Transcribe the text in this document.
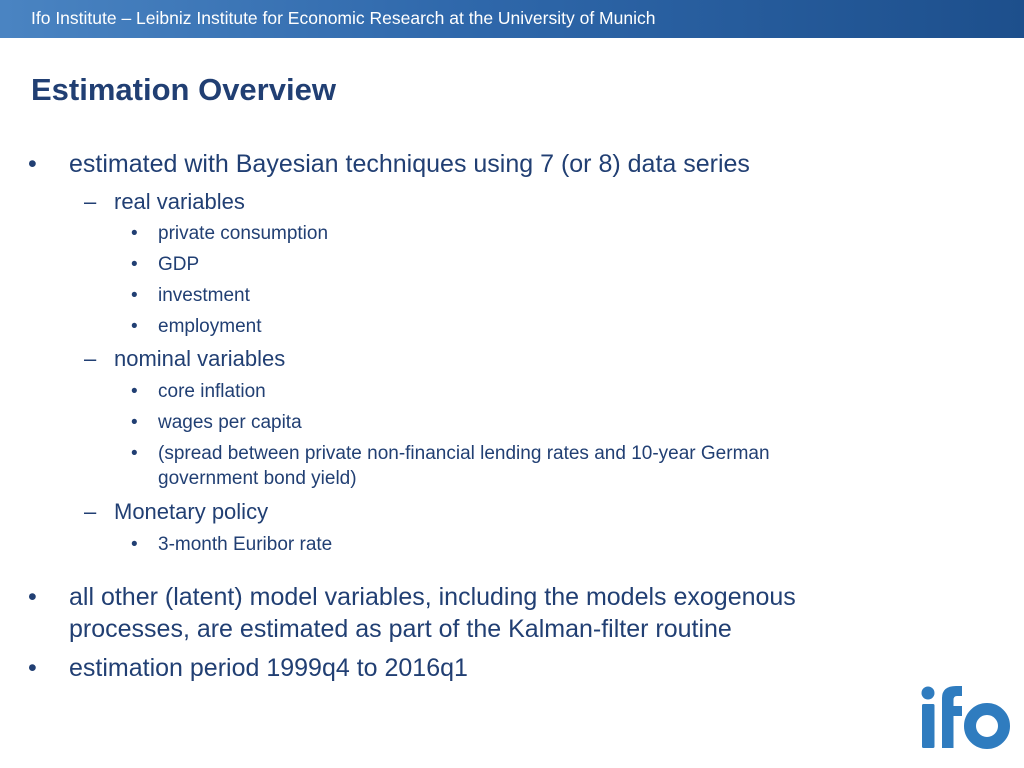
Ifo Institute – Leibniz Institute for Economic Research at the University of Munich
Estimation Overview
• estimated with Bayesian techniques using 7 (or 8) data series
– real variables
• private consumption
• GDP
• investment
• employment
– nominal variables
• core inflation
• wages per capita
• (spread between private non-financial lending rates and 10-year German
government bond yield)
– Monetary policy
• 3-month Euribor rate
• all other (latent) model variables, including the models exogenous
processes, are estimated as part of the Kalman-filter routine
• estimation period 1999q4 to 2016q1
